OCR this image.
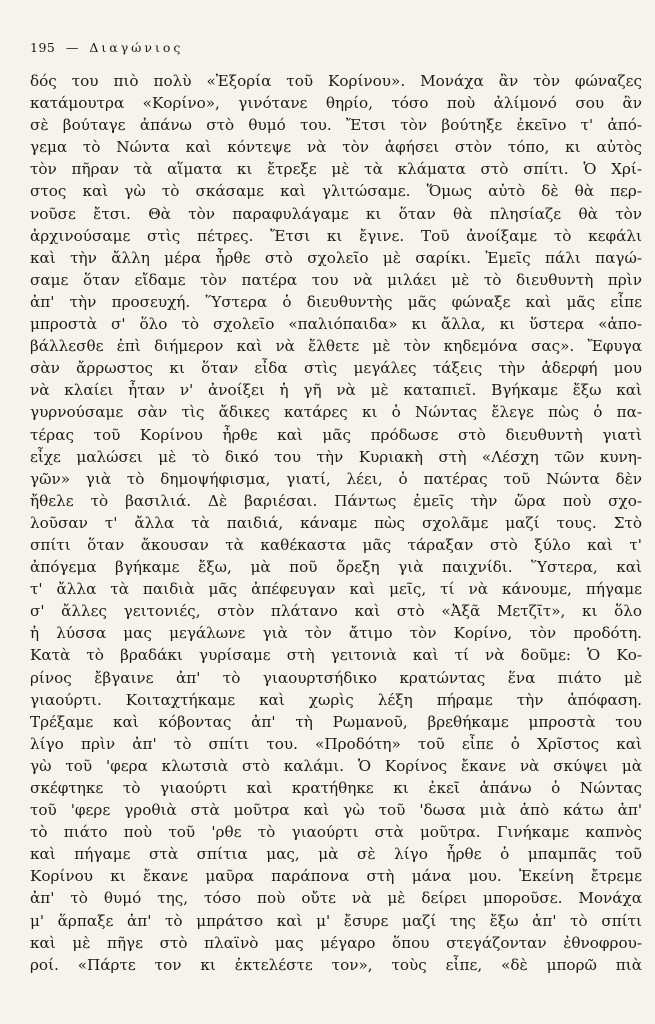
195 — Διαγώνιος
δός του πιὸ πολὺ «Ἐξορία τοῦ Κορίνου». Μονάχα ἂν τὸν φώναζες
κατάμουτρα «Κορίνο», γινότανε θηρίο, τόσο ποὺ ἀλίμονό σου ἂν
σὲ βούταγε ἀπάνω στὸ θυμό του. Ἔτσι τὸν βούτηξε ἐκεῖνο τ' ἀπό-
γεμα τὸ Νώντα καὶ κόντεψε νὰ τὸν ἀφήσει στὸν τόπο, κι αὐτὸς
τὸν πῆραν τὰ αἵματα κι ἔτρεξε μὲ τὰ κλάματα στὸ σπίτι. Ὁ Χρί-
στος καὶ γὼ τὸ σκάσαμε καὶ γλιτώσαμε. Ὅμως αὐτὸ δὲ θὰ περ-
νοῦσε ἔτσι. Θὰ τὸν παραφυλάγαμε κι ὅταν θὰ πλησίαζε θὰ τὸν
ἀρχινούσαμε στὶς πέτρες. Ἔτσι κι ἔγινε. Τοῦ ἀνοίξαμε τὸ κεφάλι
καὶ τὴν ἄλλη μέρα ἦρθε στὸ σχολεῖο μὲ σαρίκι. Ἐμεῖς πάλι παγώ-
σαμε ὅταν εἴδαμε τὸν πατέρα του νὰ μιλάει μὲ τὸ διευθυντὴ πρὶν
ἀπ' τὴν προσευχή. Ὕστερα ὁ διευθυντὴς μᾶς φώναξε καὶ μᾶς εἶπε
μπροστὰ σ' ὅλο τὸ σχολεῖο «παλιόπαιδα» κι ἄλλα, κι ὕστερα «ἀπο-
βάλλεσθε ἐπὶ διήμερον καὶ νὰ ἔλθετε μὲ τὸν κηδεμόνα σας». Ἔφυγα
σὰν ἄρρωστος κι ὅταν εἶδα στὶς μεγάλες τάξεις τὴν ἀδερφή μου
νὰ κλαίει ἦταν ν' ἀνοίξει ἡ γῆ νὰ μὲ καταπιεῖ. Βγήκαμε ἔξω καὶ
γυρνούσαμε σὰν τὶς ἄδικες κατάρες κι ὁ Νώντας ἔλεγε πὼς ὁ πα-
τέρας τοῦ Κορίνου ἦρθε καὶ μᾶς πρόδωσε στὸ διευθυντὴ γιατὶ
εἶχε μαλώσει μὲ τὸ δικό του τὴν Κυριακὴ στὴ «Λέσχη τῶν κυνη-
γῶν» γιὰ τὸ δημοψήφισμα, γιατί, λέει, ὁ πατέρας τοῦ Νώντα δὲν
ἤθελε τὸ βασιλιά. Δὲ βαριέσαι. Πάντως ἐμεῖς τὴν ὥρα ποὺ σχο-
λοῦσαν τ' ἄλλα τὰ παιδιά, κάναμε πὼς σχολᾶμε μαζί τους. Στὸ
σπίτι ὅταν ἄκουσαν τὰ καθέκαστα μᾶς τάραξαν στὸ ξύλο καὶ τ'
ἀπόγεμα βγήκαμε ἔξω, μὰ ποῦ ὄρεξη γιὰ παιχνίδι. Ὕστερα, καὶ
τ' ἄλλα τὰ παιδιὰ μᾶς ἀπέφευγαν καὶ μεῖς, τί νὰ κάνουμε, πήγαμε
σ' ἄλλες γειτονιές, στὸν πλάτανο καὶ στὸ «Ἀξᾶ Μετζῖτ», κι ὅλο
ἡ λύσσα μας μεγάλωνε γιὰ τὸν ἄτιμο τὸν Κορίνο, τὸν προδότη.
Κατὰ τὸ βραδάκι γυρίσαμε στὴ γειτονιὰ καὶ τί νὰ δοῦμε: Ὁ Κο-
ρίνος ἔβγαινε ἀπ' τὸ γιαουρτσήδικο κρατώντας ἕνα πιάτο μὲ
γιαούρτι. Κοιταχτήκαμε καὶ χωρὶς λέξη πήραμε τὴν ἀπόφαση.
Τρέξαμε καὶ κόβοντας ἀπ' τὴ Ρωμανοῦ, βρεθήκαμε μπροστὰ του
λίγο πρὶν ἀπ' τὸ σπίτι του. «Προδότη» τοῦ εἶπε ὁ Χρῖστος καὶ
γὼ τοῦ 'φερα κλωτσιὰ στὸ καλάμι. Ὁ Κορίνος ἔκανε νὰ σκύψει μὰ
σκέφτηκε τὸ γιαούρτι καὶ κρατήθηκε κι ἐκεῖ ἀπάνω ὁ Νώντας
τοῦ 'φερε γροθιὰ στὰ μοῦτρα καὶ γὼ τοῦ 'δωσα μιὰ ἀπὸ κάτω ἀπ'
τὸ πιάτο ποὺ τοῦ 'ρθε τὸ γιαούρτι στὰ μοῦτρα. Γινήκαμε καπνὸς
καὶ πήγαμε στὰ σπίτια μας, μὰ σὲ λίγο ἦρθε ὁ μπαμπᾶς τοῦ
Κορίνου κι ἔκανε μαῦρα παράπονα στὴ μάνα μου. Ἐκείνη ἔτρεμε
ἀπ' τὸ θυμό της, τόσο ποὺ οὔτε νὰ μὲ δείρει μποροῦσε. Μονάχα
μ' ἅρπαξε ἀπ' τὸ μπράτσο καὶ μ' ἔσυρε μαζί της ἔξω ἀπ' τὸ σπίτι
καὶ μὲ πῆγε στὸ πλαϊνὸ μας μέγαρο ὅπου στεγάζονταν ἐθνοφρου-
ροί. «Πάρτε τον κι ἐκτελέστε τον», τοὺς εἶπε, «δὲ μπορῶ πιὰ
